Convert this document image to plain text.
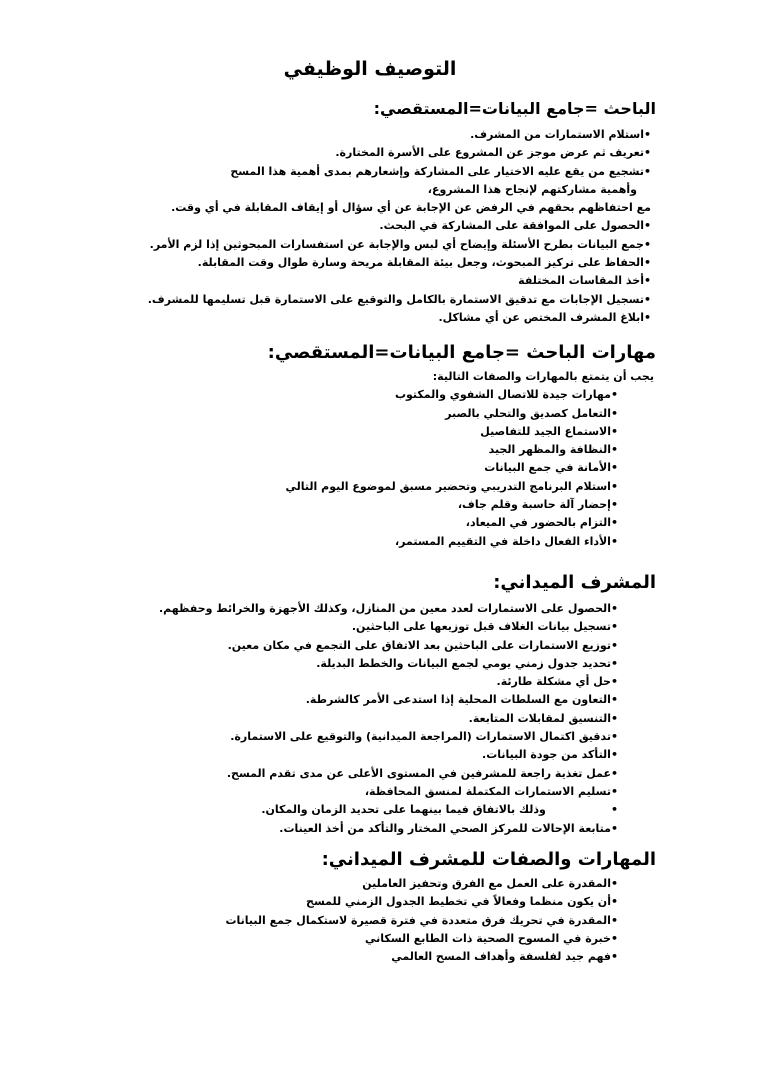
التوصيف الوظيفي
الباحث =جامع البيانات=المستقصي:
•استلام الاستمارات من المشرف.
•تعريف ثم عرض موجز عن المشروع على الأسرة المختارة.
•تشجيع من يقع عليه الاختيار على المشاركة وإشعارهم بمدى أهمية هذا المسح
وأهمية مشاركتهم لإنجاح هذا المشروع،
مع احتفاظهم بحقهم في الرفض عن الإجابة عن أي سؤال أو إيقاف المقابلة في أي وقت.
•الحصول على الموافقة على المشاركة في البحث.
•جمع البيانات بطرح الأسئلة وإيضاح أي لبس والإجابة عن استفسارات المبحوثين إذا لزم الأمر.
•الحفاظ على تركيز المبحوث، وجعل بيئة المقابلة مريحة وسارة طوال وقت المقابلة.
•أخذ المقاسات المختلفة
•تسجيل الإجابات مع تدقيق الاستمارة بالكامل والتوقيع على الاستمارة قبل تسليمها للمشرف.
•ابلاغ المشرف المختص عن أي مشاكل.
مهارات الباحث =جامع البيانات=المستقصي:

يجب أن يتمتع بالمهارات والصفات التالية:

•مهارات جيدة للاتصال الشفوي والمكتوب
•التعامل كصديق والتحلي بالصبر
•الاستماع الجيد للتفاصيل
•النظافة والمظهر الجيد
•الأمانة في جمع البيانات
•استلام البرنامج التدريبي وتحضير مسبق لموضوع اليوم التالي
•إحضار آلة حاسبة وقلم جاف،
•التزام بالحضور في الميعاد،
•الأداء الفعال داخلة في التقييم المستمر،
المشرف الميداني:
•الحصول على الاستمارات لعدد معين من المنازل، وكذلك الأجهزة والخرائط وحفظهم.
•تسجيل بيانات الغلاف قبل توزيعها على الباحثين.
•توزيع الاستمارات على الباحثين بعد الاتفاق على التجمع في مكان معين.
•تحديد جدول زمني يومي لجمع البيانات والخطط البديلة.
•حل أي مشكلة طارئة.
•التعاون مع السلطات المحلية إذا استدعى الأمر كالشرطة.
•التنسيق لمقابلات المتابعة.
•تدقيق اكتمال الاستمارات (المراجعة الميدانية) والتوقيع على الاستمارة.
•التأكد من جودة البيانات.
•عمل تغذية راجعة للمشرفين في المستوى الأعلى عن مدى تقدم المسح.
•تسليم الاستمارات المكتملة لمنسق المحافظة،
•                 وذلك بالاتفاق فيما بينهما على تحديد الزمان والمكان.
•متابعة الإحالات للمركز الصحي المختار والتأكد من أخذ العينات.
المهارات والصفات للمشرف الميداني:
•المقدرة على العمل مع الفرق وتحفيز العاملين
•أن يكون منظما وفعالاً في تخطيط الجدول الزمني للمسح
•المقدرة في تحريك فرق متعددة في فترة قصيرة لاستكمال جمع البيانات
•خبرة في المسوح الصحية ذات الطابع السكاني
•فهم جيد لفلسفة وأهداف المسح العالمي
